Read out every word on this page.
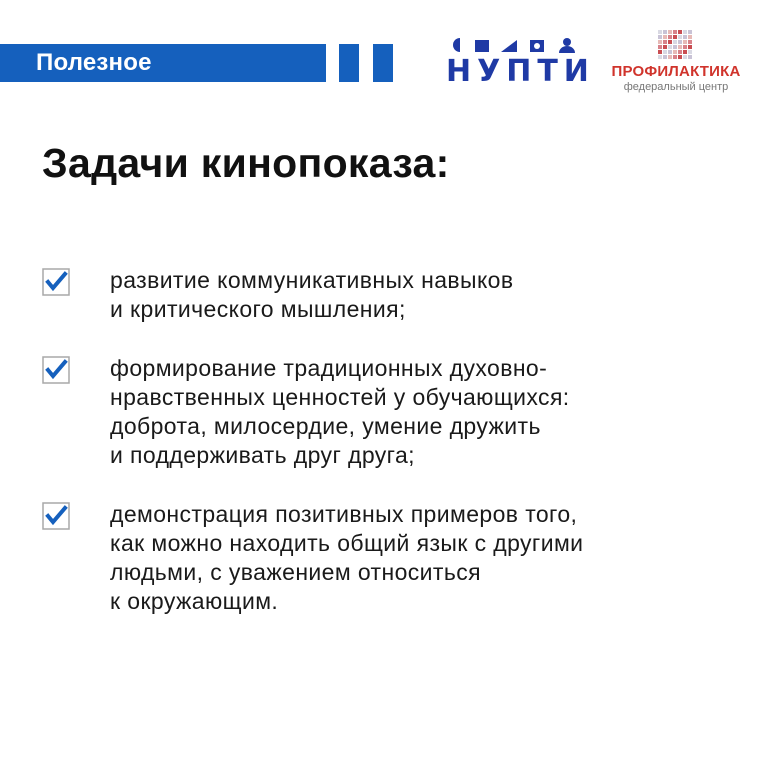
Полезное	НУПТИ	ПРОФИЛАКТИКА
федеральный центр
Задачи кинопоказа:
развитие коммуникативных навыков
и критического мышления;
формирование традиционных духовно-
нравственных ценностей у обучающихся:
доброта, милосердие, умение дружить
и поддерживать друг друга;
демонстрация позитивных примеров того,
как можно находить общий язык с другими
людьми, с уважением относиться
к окружающим.
